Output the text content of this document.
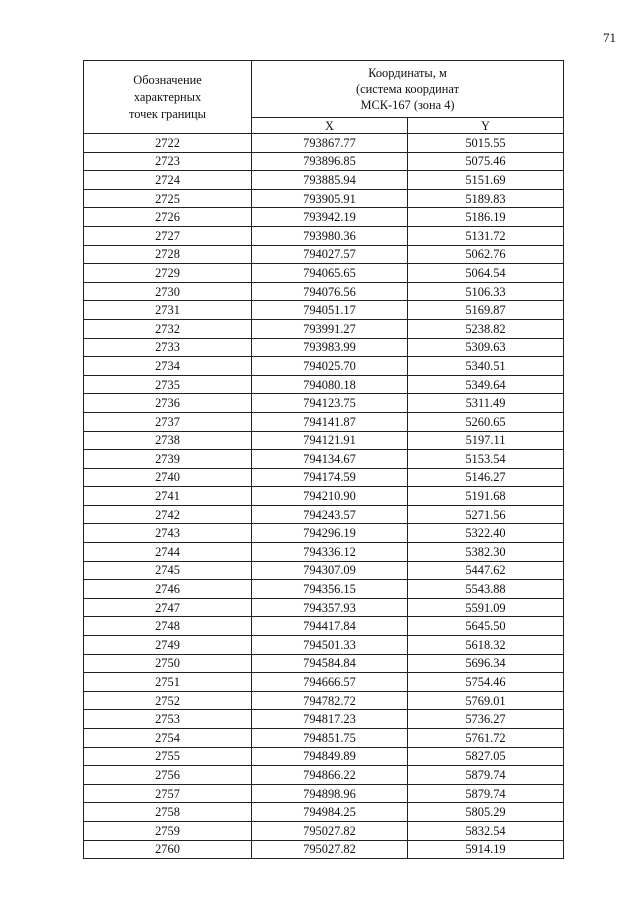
71
Обозначение
характерных
точек границы	Координаты, м
(система координат
МСК-167 (зона 4)	

	X	Y
2722	793867.77	5015.55
2723	793896.85	5075.46
2724	793885.94	5151.69
2725	793905.91	5189.83
2726	793942.19	5186.19
2727	793980.36	5131.72
2728	794027.57	5062.76
2729	794065.65	5064.54
2730	794076.56	5106.33
2731	794051.17	5169.87
2732	793991.27	5238.82
2733	793983.99	5309.63
2734	794025.70	5340.51
2735	794080.18	5349.64
2736	794123.75	5311.49
2737	794141.87	5260.65
2738	794121.91	5197.11
2739	794134.67	5153.54
2740	794174.59	5146.27
2741	794210.90	5191.68
2742	794243.57	5271.56
2743	794296.19	5322.40
2744	794336.12	5382.30
2745	794307.09	5447.62
2746	794356.15	5543.88
2747	794357.93	5591.09
2748	794417.84	5645.50
2749	794501.33	5618.32
2750	794584.84	5696.34
2751	794666.57	5754.46
2752	794782.72	5769.01
2753	794817.23	5736.27
2754	794851.75	5761.72
2755	794849.89	5827.05
2756	794866.22	5879.74
2757	794898.96	5879.74
2758	794984.25	5805.29
2759	795027.82	5832.54
2760	795027.82	5914.19
